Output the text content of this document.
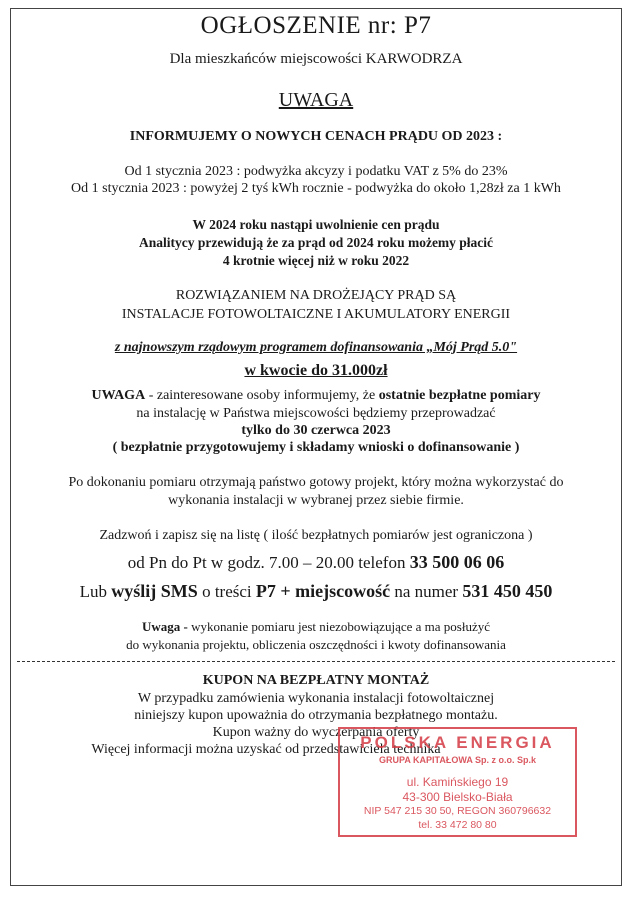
OGŁOSZENIE nr: P7
Dla mieszkańców miejscowości KARWODRZA
UWAGA
INFORMUJEMY O NOWYCH CENACH PRĄDU OD 2023 :
Od 1 stycznia 2023 : podwyżka akcyzy i podatku VAT z 5% do 23%
Od 1 stycznia 2023 : powyżej 2 tyś kWh rocznie - podwyżka do około 1,28zł za 1 kWh
W 2024 roku nastąpi uwolnienie cen prądu
Analitycy przewidują że za prąd od 2024 roku możemy płacić
4 krotnie więcej niż w roku 2022
ROZWIĄZANIEM NA DROŻEJĄCY PRĄD SĄ
INSTALACJE FOTOWOLTAICZNE I AKUMULATORY ENERGII
z najnowszym rządowym programem dofinansowania „Mój Prąd 5.0"
w kwocie do 31.000zł
UWAGA - zainteresowane osoby informujemy, że ostatnie bezpłatne pomiary
na instalację w Państwa miejscowości będziemy przeprowadzać
tylko do 30 czerwca 2023
( bezpłatnie przygotowujemy i składamy wnioski o dofinansowanie )
Po dokonaniu pomiaru otrzymają państwo gotowy projekt, który można wykorzystać do
wykonania instalacji w wybranej przez siebie firmie.
Zadzwoń i zapisz się na listę ( ilość bezpłatnych pomiarów jest ograniczona )
od Pn do Pt w godz. 7.00 – 20.00 telefon 33 500 06 06
Lub wyślij SMS o treści P7 + miejscowość na numer 531 450 450
Uwaga - wykonanie pomiaru jest niezobowiązujące a ma posłużyć
do wykonania projektu, obliczenia oszczędności i kwoty dofinansowania
KUPON NA BEZPŁATNY MONTAŻ
W przypadku zamówienia wykonania instalacji fotowoltaicznej
niniejszy kupon upoważnia do otrzymania bezpłatnego montażu.
Kupon ważny do wyczerpania oferty
Więcej informacji można uzyskać od przedstawiciela technika
POLSKA ENERGIA
GRUPA KAPITAŁOWA Sp. z o.o. Sp.k
ul. Kamińskiego 19
43-300 Bielsko-Biała
NIP 547 215 30 50, REGON 360796632
tel. 33 472 80 80
